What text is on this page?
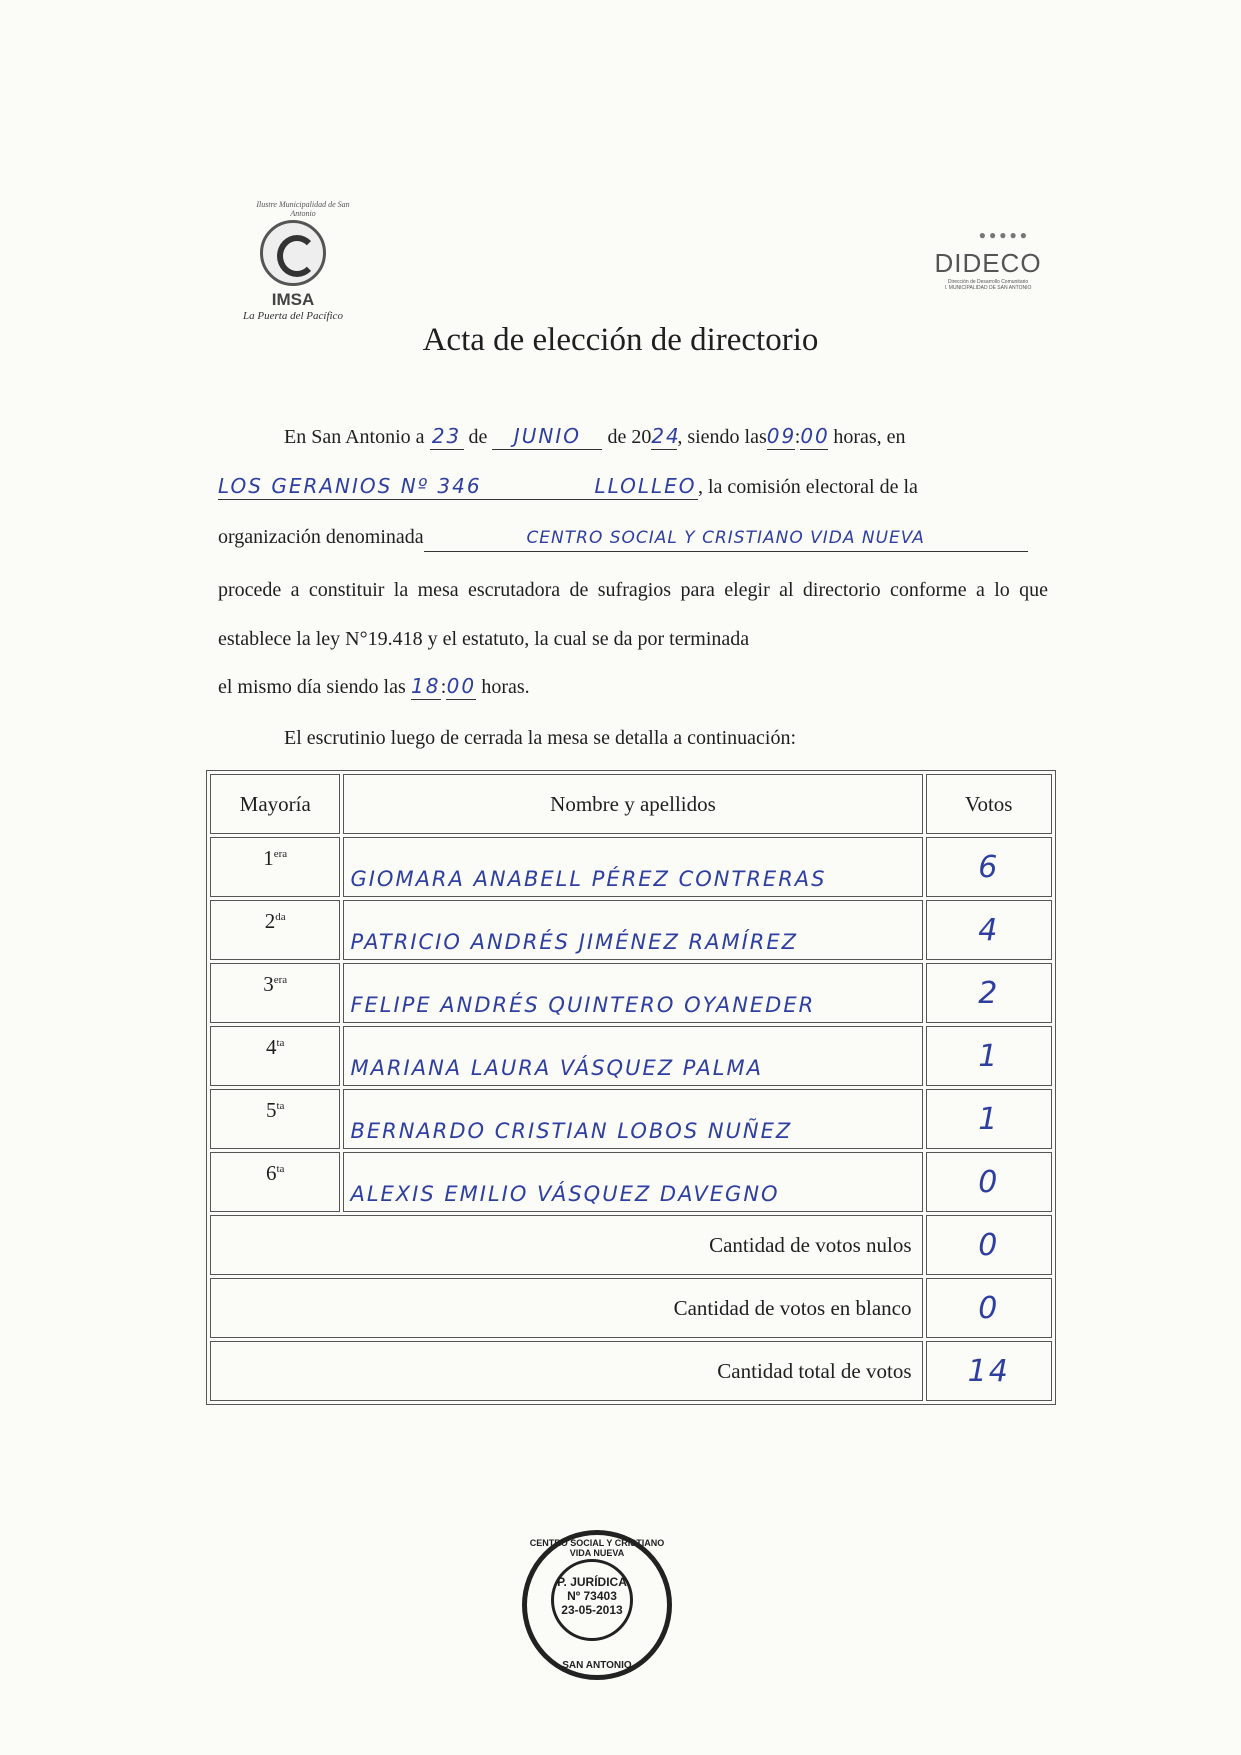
Ilustre Municipalidad de San Antonio
IMSA
La Puerta del Pacífico
●●●●●
DIDECO
Dirección de Desarrollo Comunitario
I. MUNICIPALIDAD DE SAN ANTONIO
Acta de elección de directorio
En San Antonio a 23 de JUNIO de 2024, siendo las09:00 horas, en
LOS GERANIOS Nº 346	LLOLLEO, la comisión electoral de la
organización denominada	CENTRO SOCIAL Y CRISTIANO VIDA NUEVA
procede a constituir la mesa escrutadora de sufragios para elegir al directorio conforme a lo que establece la ley N°19.418 y el estatuto, la cual se da por terminada
el mismo día siendo las 18:00 horas.
El escrutinio luego de cerrada la mesa se detalla a continuación:
Mayoría	Nombre y apellidos	Votos
$1^{era}$	GIOMARA ANABELL PÉREZ CONTRERAS	6
$2^{da}$	PATRICIO ANDRÉS JIMÉNEZ RAMÍREZ	4
$3^{era}$	FELIPE ANDRÉS QUINTERO OYANEDER	2
$4^{ta}$	MARIANA LAURA VÁSQUEZ PALMA	1
$5^{ta}$	BERNARDO CRISTIAN LOBOS NUÑEZ	1
$6^{ta}$	ALEXIS EMILIO VÁSQUEZ DAVEGNO	0
Cantidad de votos nulos		0
Cantidad de votos en blanco		0
Cantidad total de votos		14
CENTRO SOCIAL Y CRISTIANO VIDA NUEVA
P. JURÍDICA
Nº 73403
23-05-2013
SAN ANTONIO
